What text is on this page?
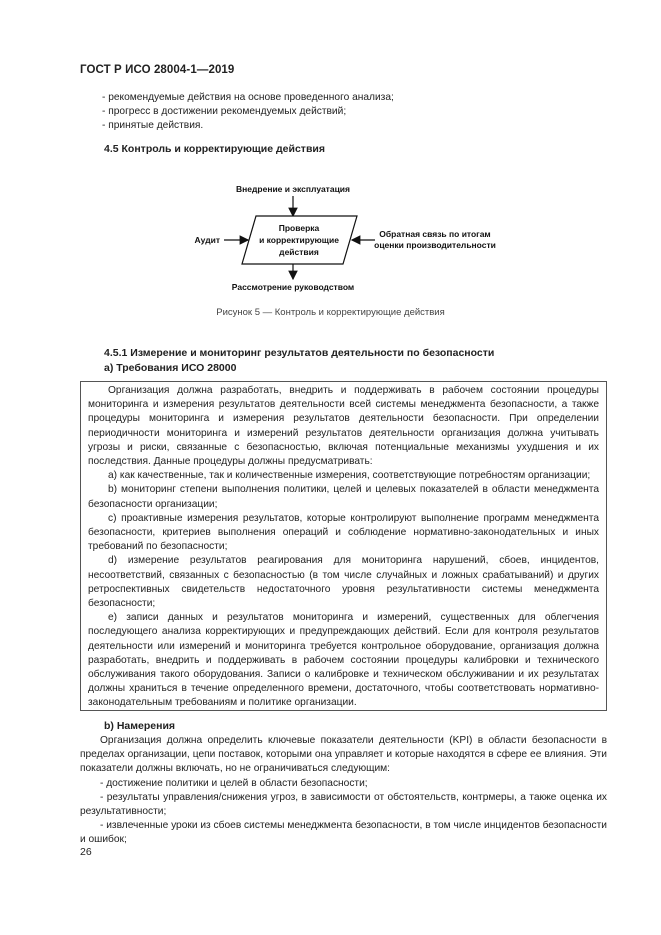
ГОСТ Р ИСО 28004-1—2019
- рекомендуемые действия на основе проведенного анализа;
- прогресс в достижении рекомендуемых действий;
- принятые действия.
4.5 Контроль и корректирующие действия
Внедрение и эксплуатация
Проверка
и корректирующие
действия
Аудит
Обратная связь по итогам
оценки производительности
Рассмотрение руководством
Рисунок 5 — Контроль и корректирующие действия
4.5.1 Измерение и мониторинг результатов деятельности по безопасности
а) Требования ИСО 28000

Организация должна разработать, внедрить и поддерживать в рабочем состоянии процедуры мониторинга и измерения результатов деятельности всей системы менеджмента безопасности, а также процедуры мониторинга и измерения результатов деятельности безопасности. При определении периодичности мониторинга и измерений результатов деятельности организация должна учитывать угрозы и риски, связанные с безопасностью, включая потенциальные механизмы ухудшения и их последствия. Данные процедуры должны предусматривать:

а) как качественные, так и количественные измерения, соответствующие потребностям организации;

b) мониторинг степени выполнения политики, целей и целевых показателей в области менеджмента безопасности организации;

с) проактивные измерения результатов, которые контролируют выполнение программ менеджмента безопасности, критериев выполнения операций и соблюдение нормативно-законодательных и иных требований по безопасности;

d) измерение результатов реагирования для мониторинга нарушений, сбоев, инцидентов, несоответствий, связанных с безопасностью (в том числе случайных и ложных срабатываний) и других ретроспективных свидетельств недостаточного уровня результативности системы менеджмента безопасности;

е) записи данных и результатов мониторинга и измерений, существенных для облегчения последующего анализа корректирующих и предупреждающих действий. Если для контроля результатов деятельности или измерений и мониторинга требуется контрольное оборудование, организация должна разработать, внедрить и поддерживать в рабочем состоянии процедуры калибровки и технического обслуживания такого оборудования. Записи о калибровке и техническом обслуживании и их результатах должны храниться в течение определенного времени, достаточного, чтобы соответствовать нормативно-законодательным требованиям и политике организации.

b) Намерения

Организация должна определить ключевые показатели деятельности (KPI) в области безопасности в пределах организации, цепи поставок, которыми она управляет и которые находятся в сфере ее влияния. Эти показатели должны включать, но не ограничиваться следующим:

- достижение политики и целей в области безопасности;

- результаты управления/снижения угроз, в зависимости от обстоятельств, контрмеры, а также оценка их результативности;

- извлеченные уроки из сбоев системы менеджмента безопасности, в том числе инцидентов безопасности и ошибок;

26
